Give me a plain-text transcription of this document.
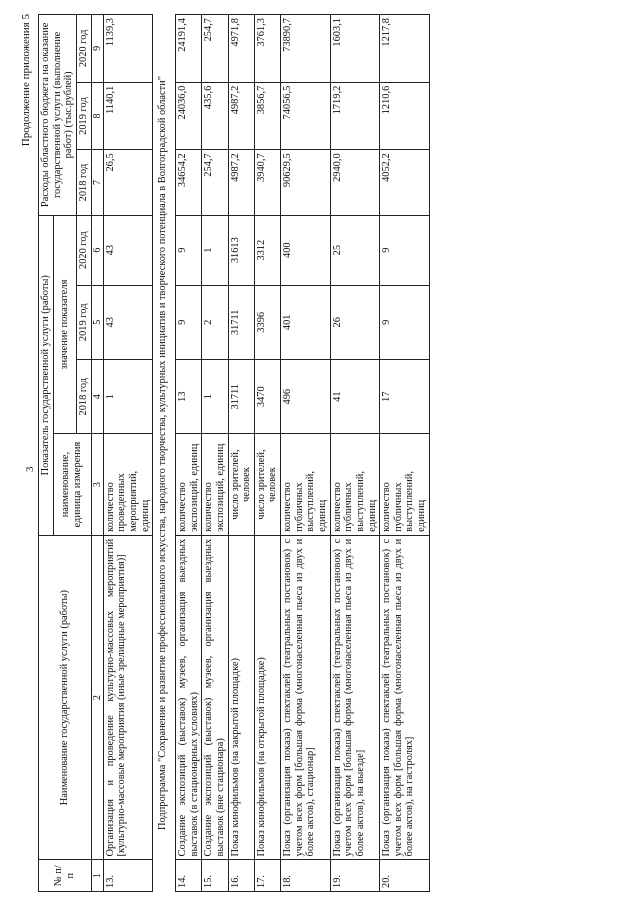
3
Продолжение приложения 5
№ п/п	Наименование государственной услуги (работы)	Показатель государственной услуги (работы)				Расходы областного бюджета на оказание государственной услуги (выполнение работ) (тыс.рублей)		
		наименование, единица измерения	значение показателя					
			2018 год	2019 год	2020 год	2018 год	2019 год	2020 год
1	2	3	4	5	6	7	8	9
13.	Организация и проведение культурно-массовых мероприятий [культурно-массовые мероприятия (иные зрелищные мероприятия)]	количество проведенных мероприятий, единиц	1	43	43	26,5	1140,1	1139,3
Подпрограмма "Сохранение и развитие профессионального искусства, народного творчества, культурных инициатив и творческого потенциала в Волгоградской области"								
14.	Создание экспозиций (выставок) музеев, организация выездных выставок (в стационарных условиях)	количество экспозиций, единиц	13	9	9	34654,2	24036,0	24191,4
15.	Создание экспозиций (выставок) музеев, организация выездных выставок (вне стационара)	количество экспозиций, единиц	1	2	1	254,7	435,6	254,7
16.	Показ кинофильмов (на закрытой площадке)	число зрителей, человек	31711	31711	31613	4987,2	4987,2	4971,8
17.	Показ кинофильмов (на открытой площадке)	число зрителей, человек	3470	3396	3312	3940,7	3856,7	3761,3
18.	Показ (организация показа) спектаклей (театральных постановок) с учетом всех форм [большая форма (многонаселенная пьеса из двух и более актов), стационар]	количество публичных выступлений, единиц	496	401	400	90629,5	74056,5	73890,7
19.	Показ (организация показа) спектаклей (театральных постановок) с учетом всех форм [большая форма (многонаселенная пьеса из двух и более актов), на выезде]	количество публичных выступлений, единиц	41	26	25	2940,0	1719,2	1603,1
20.	Показ (организация показа) спектаклей (театральных постановок) с учетом всех форм [большая форма (многонаселенная пьеса из двух и более актов), на гастролях]	количество публичных выступлений, единиц	17	9	9	4052,2	1210,6	1217,8
